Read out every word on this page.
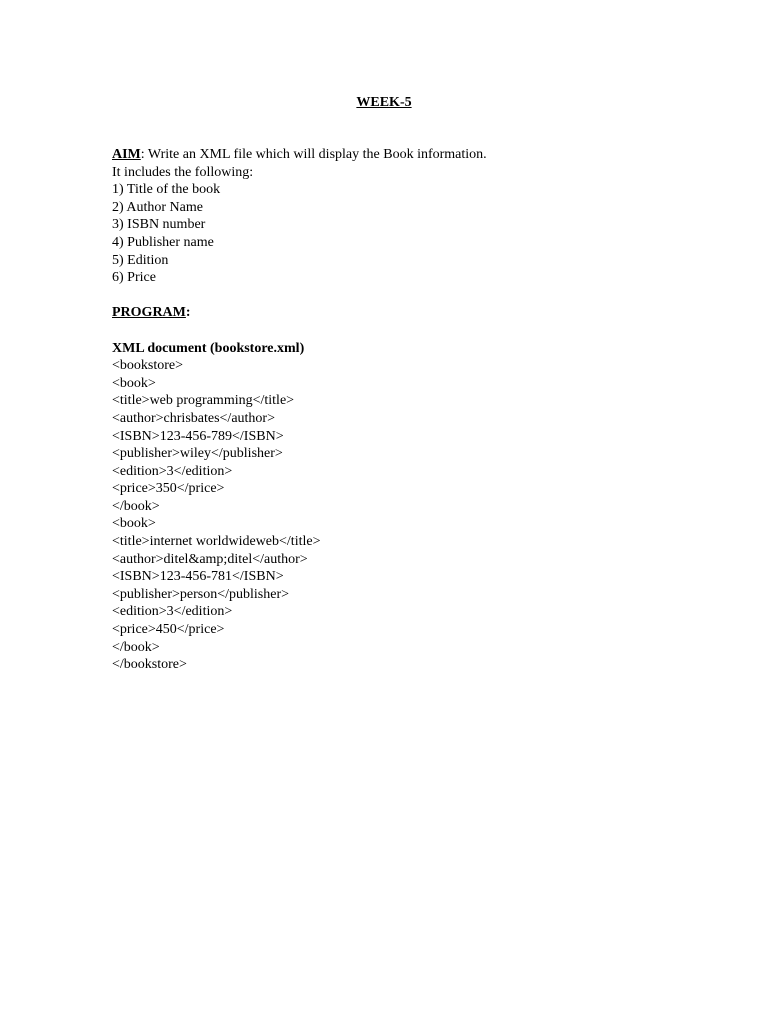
WEEK-5
AIM: Write an XML file which will display the Book information.
It includes the following:
1) Title of the book
2) Author Name
3) ISBN number
4) Publisher name
5) Edition
6) Price
PROGRAM:
XML document (bookstore.xml)
<bookstore>
<book>
<title>web programming</title>
<author>chrisbates</author>
<ISBN>123-456-789</ISBN>
<publisher>wiley</publisher>
<edition>3</edition>
<price>350</price>
</book>
<book>
<title>internet worldwideweb</title>
<author>ditel&amp;ditel</author>
<ISBN>123-456-781</ISBN>
<publisher>person</publisher>
<edition>3</edition>
<price>450</price>
</book>
</bookstore>
